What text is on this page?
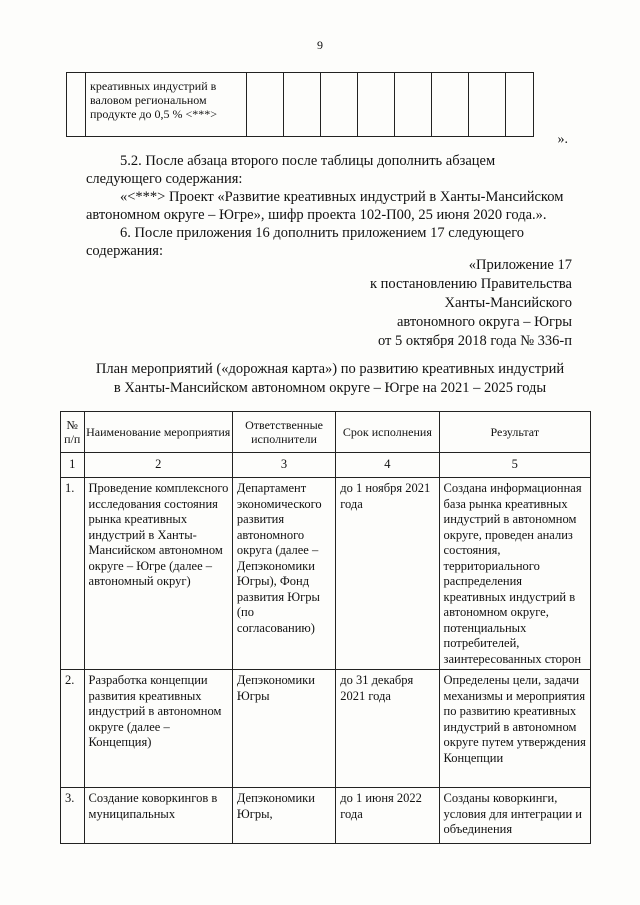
9
	креативных индустрий в валовом региональном продукте до 0,5 % <***>								
».
5.2. После абзаца второго после таблицы дополнить абзацем следующего содержания:
«<***> Проект «Развитие креативных индустрий в Ханты-Мансийском автономном округе – Югре», шифр проекта 102-П00, 25 июня 2020 года.».
6. После приложения 16 дополнить приложением 17 следующего содержания:
«Приложение 17
к постановлению Правительства
Ханты-Мансийского
автономного округа – Югры
от 5 октября 2018 года № 336-п
План мероприятий («дорожная карта») по развитию креативных индустрий
в Ханты-Мансийском автономном округе – Югре на 2021 – 2025 годы
№ п/п	Наименование мероприятия	Ответственные исполнители	Срок исполнения	Результат
1	2	3	4	5
1.	Проведение комплексного исследования состояния рынка креативных индустрий в Ханты-Мансийском автономном округе – Югре (далее – автономный округ)	Департамент экономического развития автономного округа (далее – Депэкономики Югры), Фонд развития Югры (по согласованию)	до 1 ноября 2021 года	Создана информационная база рынка креативных индустрий в автономном округе, проведен анализ состояния, территориального распределения креативных индустрий в автономном округе, потенциальных потребителей, заинтересованных сторон
2.	Разработка концепции развития креативных индустрий в автономном округе (далее – Концепция)	Депэкономики Югры	до 31 декабря 2021 года	Определены цели, задачи механизмы и мероприятия по развитию креативных индустрий в автономном округе путем утверждения Концепции
3.	Создание коворкингов в муниципальных	Депэкономики Югры,	до 1 июня 2022 года	Созданы коворкинги, условия для интеграции и объединения
